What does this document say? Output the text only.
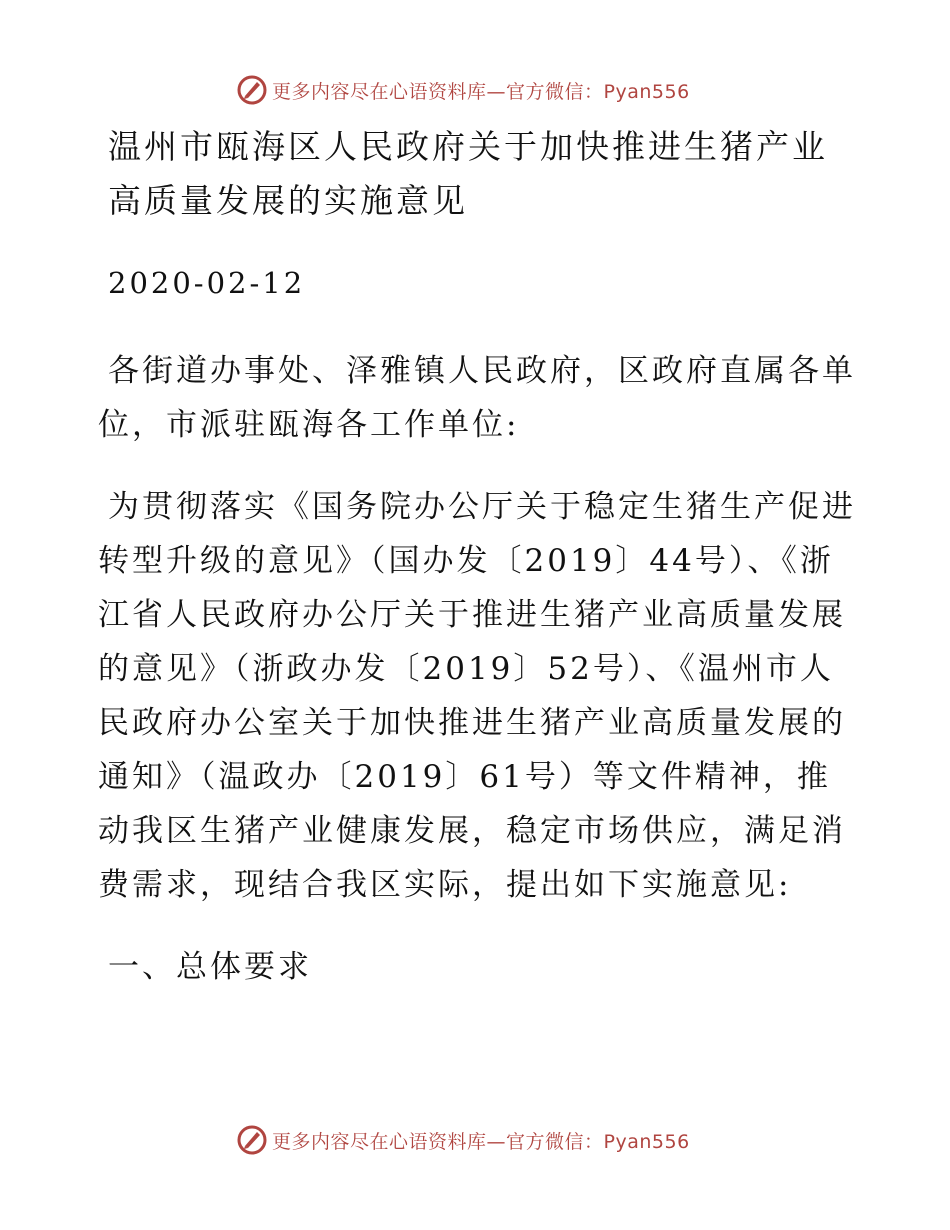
更多内容尽在心语资料库—官方微信：Pyan556
温州市瓯海区人民政府关于加快推进生猪产业高质量发展的实施意见
2020-02-12
各街道办事处、泽雅镇人民政府，区政府直属各单位，市派驻瓯海各工作单位:
为贯彻落实《国务院办公厅关于稳定生猪生产促进转型升级的意见》（国办发〔2019〕44号）、《浙江省人民政府办公厅关于推进生猪产业高质量发展的意见》（浙政办发〔2019〕52号）、《温州市人民政府办公室关于加快推进生猪产业高质量发展的通知》（温政办〔2019〕61号）等文件精神，推动我区生猪产业健康发展，稳定市场供应，满足消费需求，现结合我区实际，提出如下实施意见:
一、总体要求
更多内容尽在心语资料库—官方微信：Pyan556
